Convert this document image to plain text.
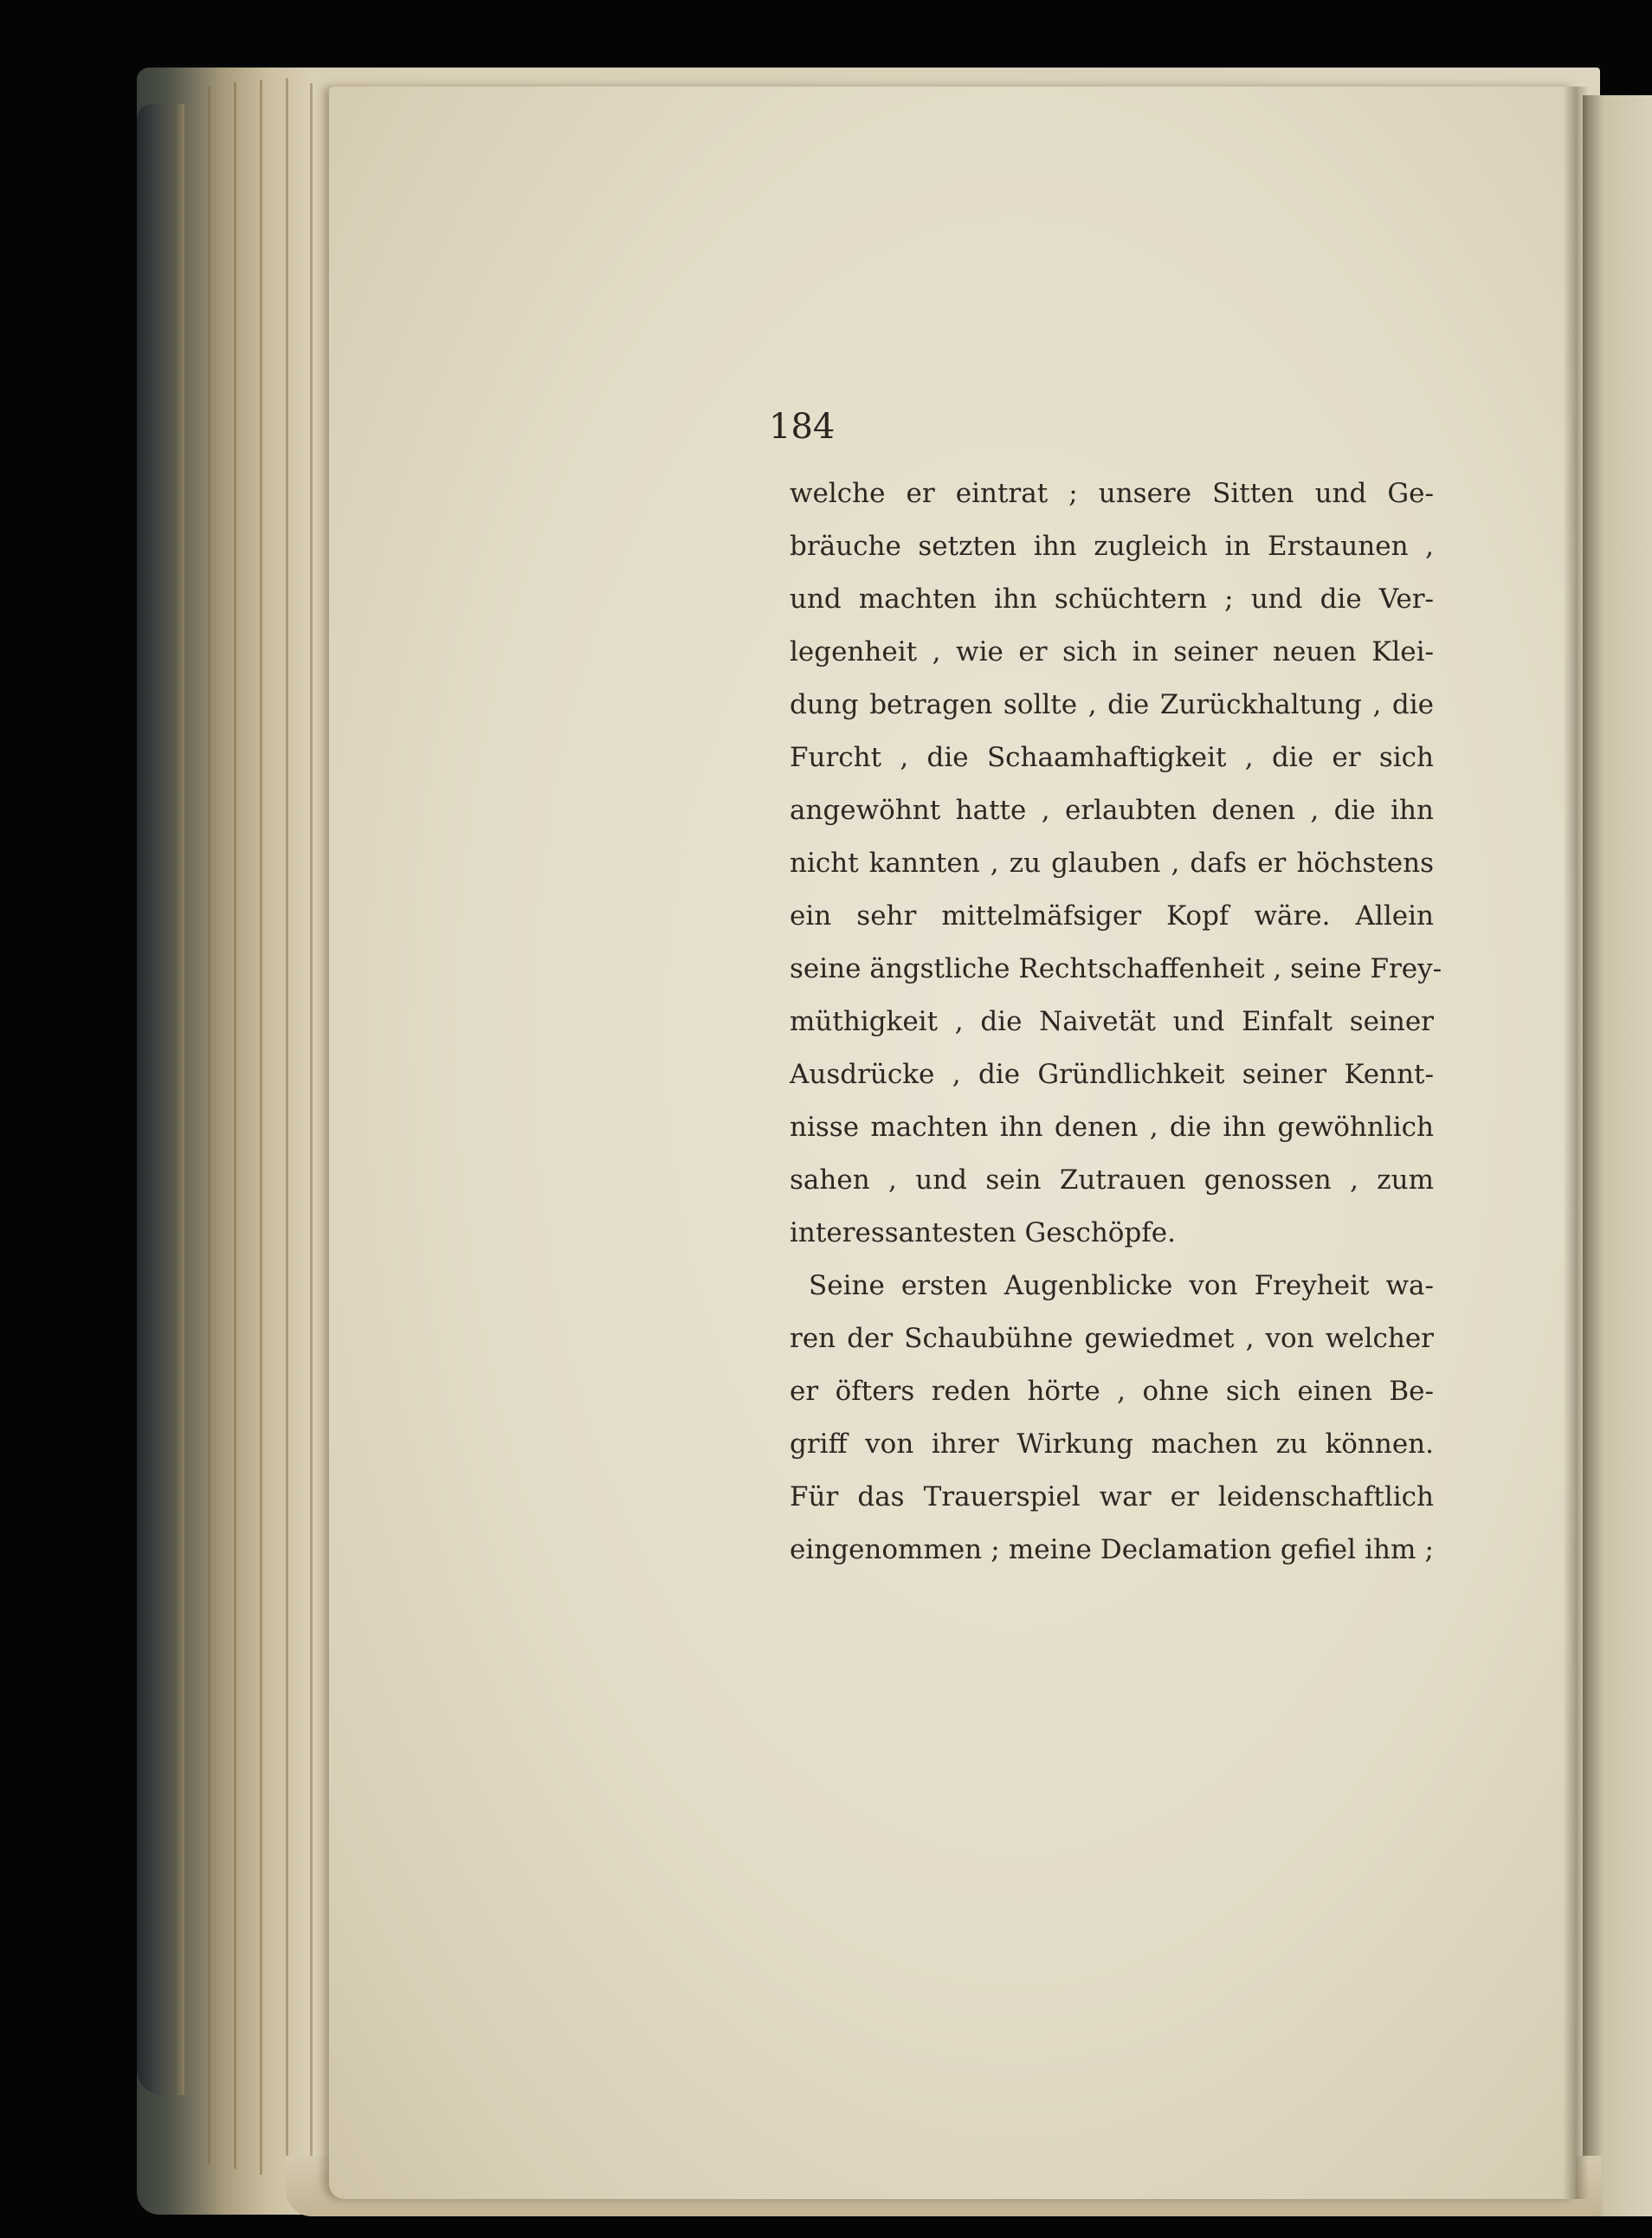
184
welche er eintrat ; unsere Sitten und Ge-
bräuche setzten ihn zugleich in Erstaunen ,
und machten ihn schüchtern ; und die Ver-
legenheit , wie er sich in seiner neuen Klei-
dung betragen sollte , die Zurückhaltung , die
Furcht , die Schaamhaftigkeit , die er sich
angewöhnt hatte , erlaubten denen , die ihn
nicht kannten , zu glauben , dafs er höchstens
ein sehr mittelmäfsiger Kopf wäre. Allein
seine ängstliche Rechtschaffenheit , seine Frey-
müthigkeit , die Naivetät und Einfalt seiner
Ausdrücke , die Gründlichkeit seiner Kennt-
nisse machten ihn denen , die ihn gewöhnlich
sahen , und sein Zutrauen genossen , zum
interessantesten Geschöpfe.
Seine ersten Augenblicke von Freyheit wa-
ren der Schaubühne gewiedmet , von welcher
er öfters reden hörte , ohne sich einen Be-
griff von ihrer Wirkung machen zu können.
Für das Trauerspiel war er leidenschaftlich
eingenommen ; meine Declamation gefiel ihm ;
